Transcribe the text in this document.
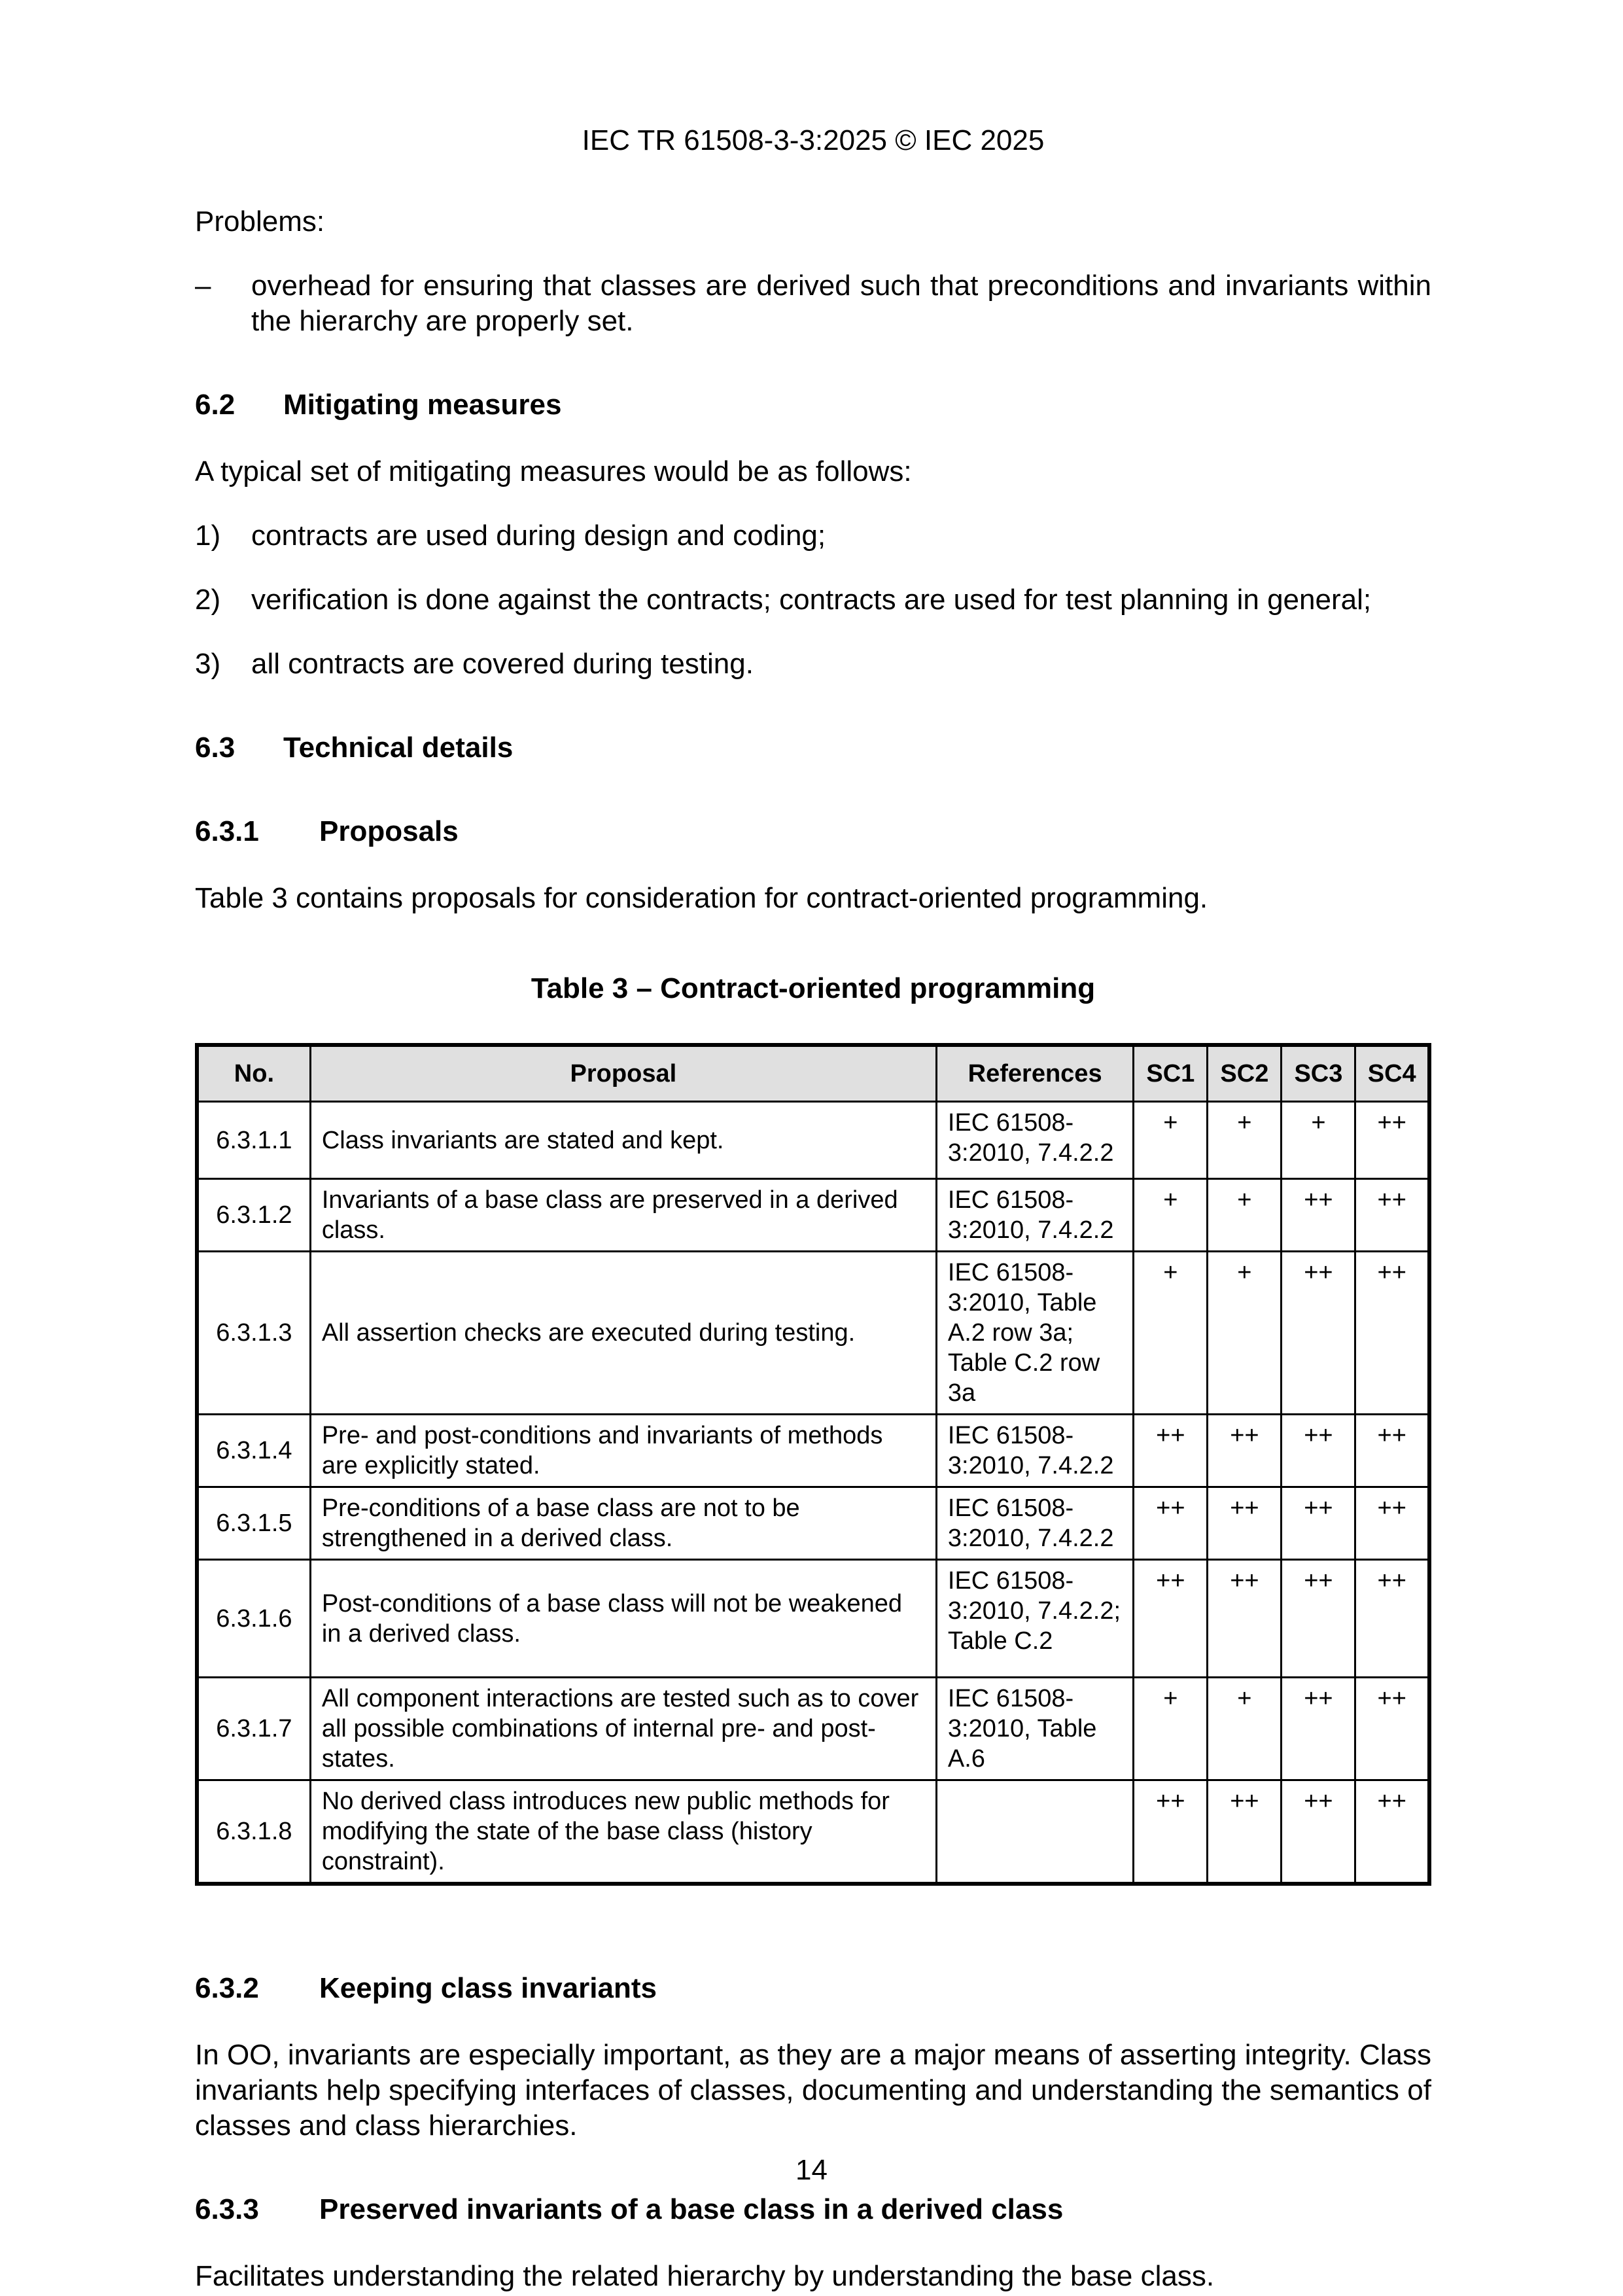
IEC TR 61508-3-3:2025 © IEC 2025

Problems:

–	overhead for ensuring that classes are derived such that preconditions and invariants within the hierarchy are properly set.

6.2 Mitigating measures

A typical set of mitigating measures would be as follows:

1)	contracts are used during design and coding;
2)	verification is done against the contracts; contracts are used for test planning in general;
3)	all contracts are covered during testing.

6.3 Technical details

6.3.1 Proposals

Table 3 contains proposals for consideration for contract-oriented programming.

Table 3 – Contract-oriented programming

No.	Proposal	References	SC1	SC2	SC3	SC4
6.3.1.1	Class invariants are stated and kept.	IEC 61508-3:2010, 7.4.2.2	+	+	+	++
6.3.1.2	Invariants of a base class are preserved in a derived class.	IEC 61508-3:2010, 7.4.2.2	+	+	++	++
6.3.1.3	All assertion checks are executed during testing.	IEC 61508-3:2010, Table A.2 row 3a; Table C.2 row 3a	+	+	++	++
6.3.1.4	Pre- and post-conditions and invariants of methods are explicitly stated.	IEC 61508-3:2010, 7.4.2.2	++	++	++	++
6.3.1.5	Pre-conditions of a base class are not to be strengthened in a derived class.	IEC 61508-3:2010, 7.4.2.2	++	++	++	++
6.3.1.6	Post-conditions of a base class will not be weakened in a derived class.	IEC 61508-3:2010, 7.4.2.2; Table C.2	++	++	++	++
6.3.1.7	All component interactions are tested such as to cover all possible combinations of internal pre- and post-states.	IEC 61508-3:2010, Table A.6	+	+	++	++
6.3.1.8	No derived class introduces new public methods for modifying the state of the base class (history constraint).		++	++	++	++

6.3.2 Keeping class invariants

In OO, invariants are especially important, as they are a major means of asserting integrity. Class invariants help specifying interfaces of classes, documenting and understanding the semantics of classes and class hierarchies.

6.3.3 Preserved invariants of a base class in a derived class

Facilitates understanding the related hierarchy by understanding the base class.

14
